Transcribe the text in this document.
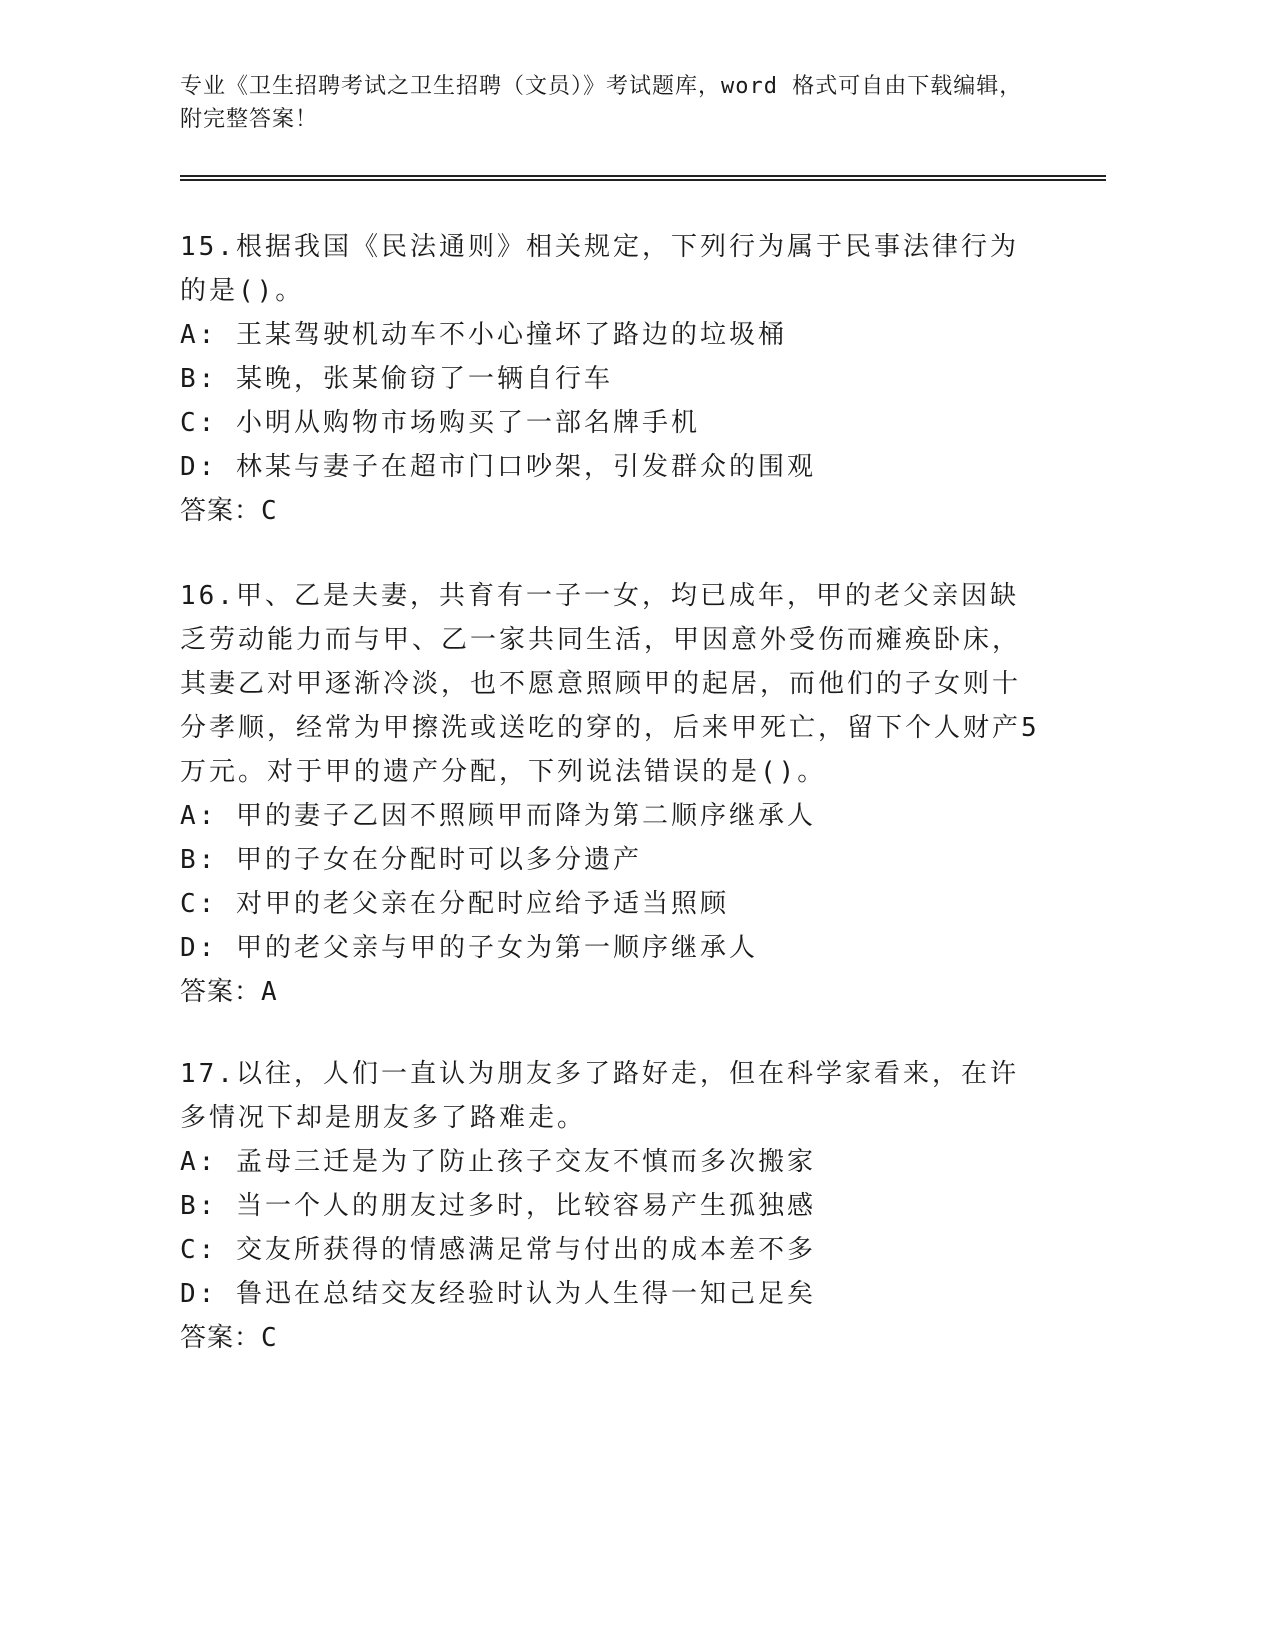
专业《卫生招聘考试之卫生招聘（文员）》考试题库，word 格式可自由下载编辑，附完整答案！
15.根据我国《民法通则》相关规定，下列行为属于民事法律行为的是()。
A: 王某驾驶机动车不小心撞坏了路边的垃圾桶
B: 某晚，张某偷窃了一辆自行车
C: 小明从购物市场购买了一部名牌手机
D: 林某与妻子在超市门口吵架，引发群众的围观
答案：C
16.甲、乙是夫妻，共育有一子一女，均已成年，甲的老父亲因缺乏劳动能力而与甲、乙一家共同生活，甲因意外受伤而瘫痪卧床，其妻乙对甲逐渐冷淡，也不愿意照顾甲的起居，而他们的子女则十分孝顺，经常为甲擦洗或送吃的穿的，后来甲死亡，留下个人财产5万元。对于甲的遗产分配，下列说法错误的是()。
A: 甲的妻子乙因不照顾甲而降为第二顺序继承人
B: 甲的子女在分配时可以多分遗产
C: 对甲的老父亲在分配时应给予适当照顾
D: 甲的老父亲与甲的子女为第一顺序继承人
答案：A
17.以往，人们一直认为朋友多了路好走，但在科学家看来，在许多情况下却是朋友多了路难走。
A: 孟母三迁是为了防止孩子交友不慎而多次搬家
B: 当一个人的朋友过多时，比较容易产生孤独感
C: 交友所获得的情感满足常与付出的成本差不多
D: 鲁迅在总结交友经验时认为人生得一知己足矣
答案：C
